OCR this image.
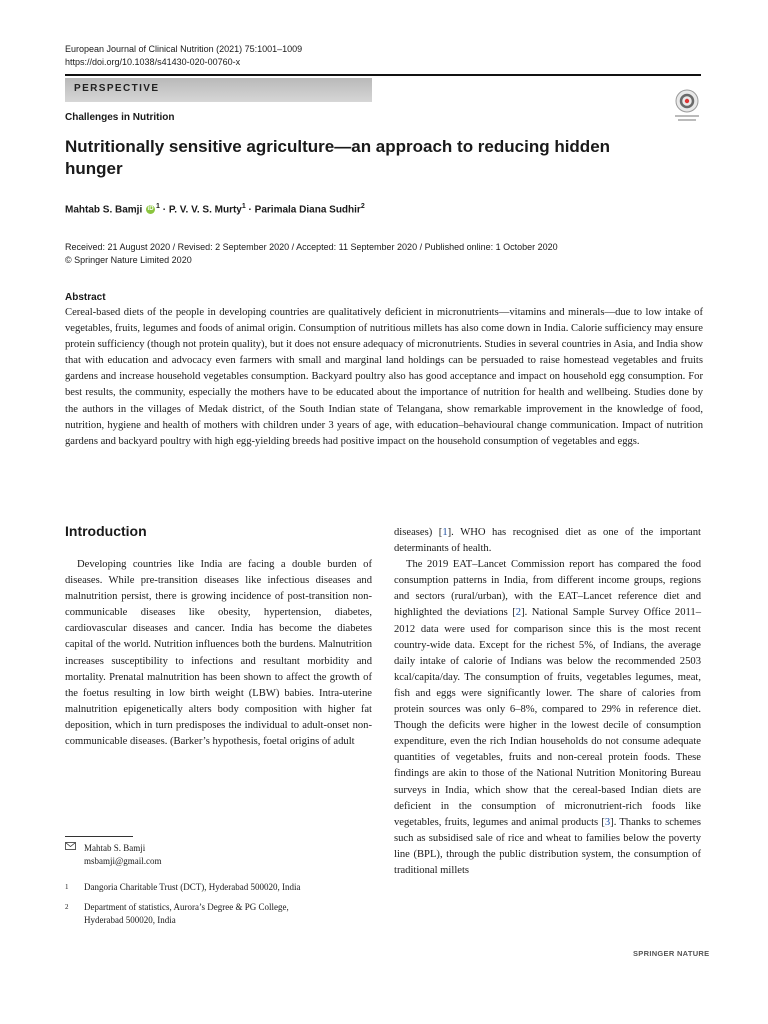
European Journal of Clinical Nutrition (2021) 75:1001–1009
https://doi.org/10.1038/s41430-020-00760-x
PERSPECTIVE
Challenges in Nutrition
Nutritionally sensitive agriculture—an approach to reducing hidden hunger
Mahtab S. Bamji iD $^1$ · P. V. V. S. Murty$^1$ · Parimala Diana Sudhir$^2$
Received: 21 August 2020 / Revised: 2 September 2020 / Accepted: 11 September 2020 / Published online: 1 October 2020
© Springer Nature Limited 2020
Abstract

Cereal-based diets of the people in developing countries are qualitatively deficient in micronutrients—vitamins and minerals—due to low intake of vegetables, fruits, legumes and foods of animal origin. Consumption of nutritious millets has also come down in India. Calorie sufficiency may ensure protein sufficiency (though not protein quality), but it does not ensure adequacy of micronutrients. Studies in several countries in Asia, and India show that with education and advocacy even farmers with small and marginal land holdings can be persuaded to raise homestead vegetables and fruits gardens and increase household vegetables consumption. Backyard poultry also has good acceptance and impact on household egg consumption. For best results, the community, especially the mothers have to be educated about the importance of nutrition for health and wellbeing. Studies done by the authors in the villages of Medak district, of the South Indian state of Telangana, show remarkable improvement in the knowledge of food, nutrition, hygiene and health of mothers with children under 3 years of age, with education–behavioural change communication. Impact of nutrition gardens and backyard poultry with high egg-yielding breeds had positive impact on the household consumption of vegetables and eggs.

Introduction

Developing countries like India are facing a double burden of diseases. While pre-transition diseases like infectious diseases and malnutrition persist, there is growing incidence of post-transition non-communicable diseases like obesity, hypertension, diabetes, cardiovascular diseases and cancer. India has become the diabetes capital of the world. Nutrition influences both the burdens. Malnutrition increases susceptibility to infections and resultant morbidity and mortality. Prenatal malnutrition has been shown to affect the growth of the foetus resulting in low birth weight (LBW) babies. Intra-uterine malnutrition epigenetically alters body composition with higher fat deposition, which in turn predisposes the individual to adult-onset non-communicable diseases. (Barker’s hypothesis, foetal origins of adult

diseases) [1]. WHO has recognised diet as one of the important determinants of health.

The 2019 EAT–Lancet Commission report has compared the food consumption patterns in India, from different income groups, regions and sectors (rural/urban), with the EAT–Lancet reference diet and highlighted the deviations [2]. National Sample Survey Office 2011–2012 data were used for comparison since this is the most recent country-wide data. Except for the richest 5%, of Indians, the average daily intake of calorie of Indians was below the recommended 2503 kcal/capita/day. The consumption of fruits, vegetables legumes, meat, fish and eggs were significantly lower. The share of calories from protein sources was only 6–8%, compared to 29% in reference diet. Though the deficits were higher in the lowest decile of consumption expenditure, even the rich Indian households do not consume adequate quantities of vegetables, fruits and non-cereal protein foods. These findings are akin to those of the National Nutrition Monitoring Bureau surveys in India, which show that the cereal-based Indian diets are deficient in the consumption of micronutrient-rich foods like vegetables, fruits, legumes and animal products [3]. Thanks to schemes such as subsidised sale of rice and wheat to families below the poverty line (BPL), through the public distribution system, the consumption of traditional millets

Mahtab S. Bamji
msbamji@gmail.com
1 Dangoria Charitable Trust (DCT), Hyderabad 500020, India
2 Department of statistics, Aurora’s Degree & PG College,
Hyderabad 500020, India
SPRINGER NATURE
